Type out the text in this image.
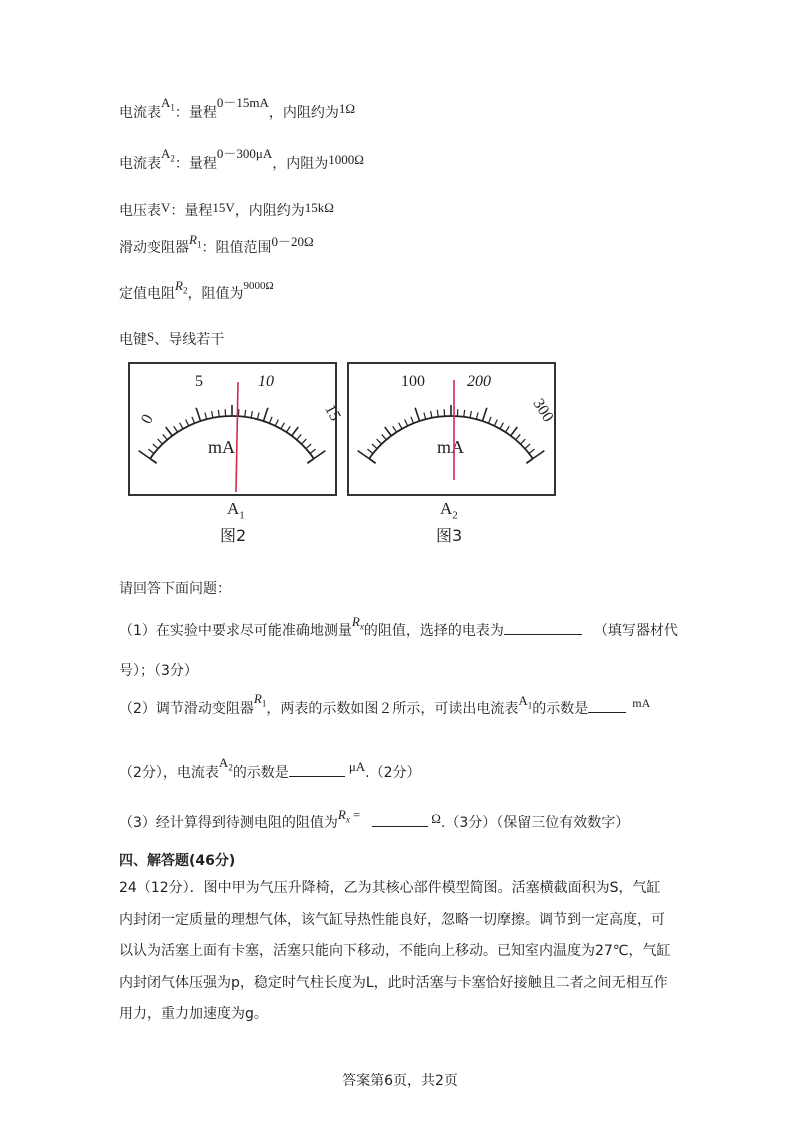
电流表$A_1$：量程0－15mA，内阻约为1Ω
电流表$A_2$：量程0－300μA，内阻为1000Ω
电压表V：量程15V，内阻约为15kΩ
滑动变阻器$R_1$：阻值范围0－20Ω
定值电阻$R_2$，阻值为$^{9000\Omega}$
电键S、导线若干
mA
0
5	10
15
$A_1$
图2
mA
100	200
300
$A_2$
图3
请回答下面问题：
（1）在实验中要求尽可能准确地测量$R_x$的阻值，选择的电表为	（填写器材代
号）；（3分）
（2）调节滑动变阻器$R_1$，两表的示数如图２所示，可读出电流表$A_1$的示数是	mA
（2分），电流表$A_2$的示数是	μA.（2分）
（3）经计算得到待测电阻的阻值为$R_x$ =	Ω.（3分）（保留三位有效数字）
四、解答题(46分)
24（12分）．图中甲为气压升降椅，乙为其核心部件模型简图。活塞横截面积为S，气缸
内封闭一定质量的理想气体，该气缸导热性能良好，忽略一切摩擦。调节到一定高度，可
以认为活塞上面有卡塞，活塞只能向下移动，不能向上移动。已知室内温度为27℃，气缸
内封闭气体压强为p，稳定时气柱长度为L，此时活塞与卡塞恰好接触且二者之间无相互作
用力，重力加速度为g。
答案第6页，共2页
